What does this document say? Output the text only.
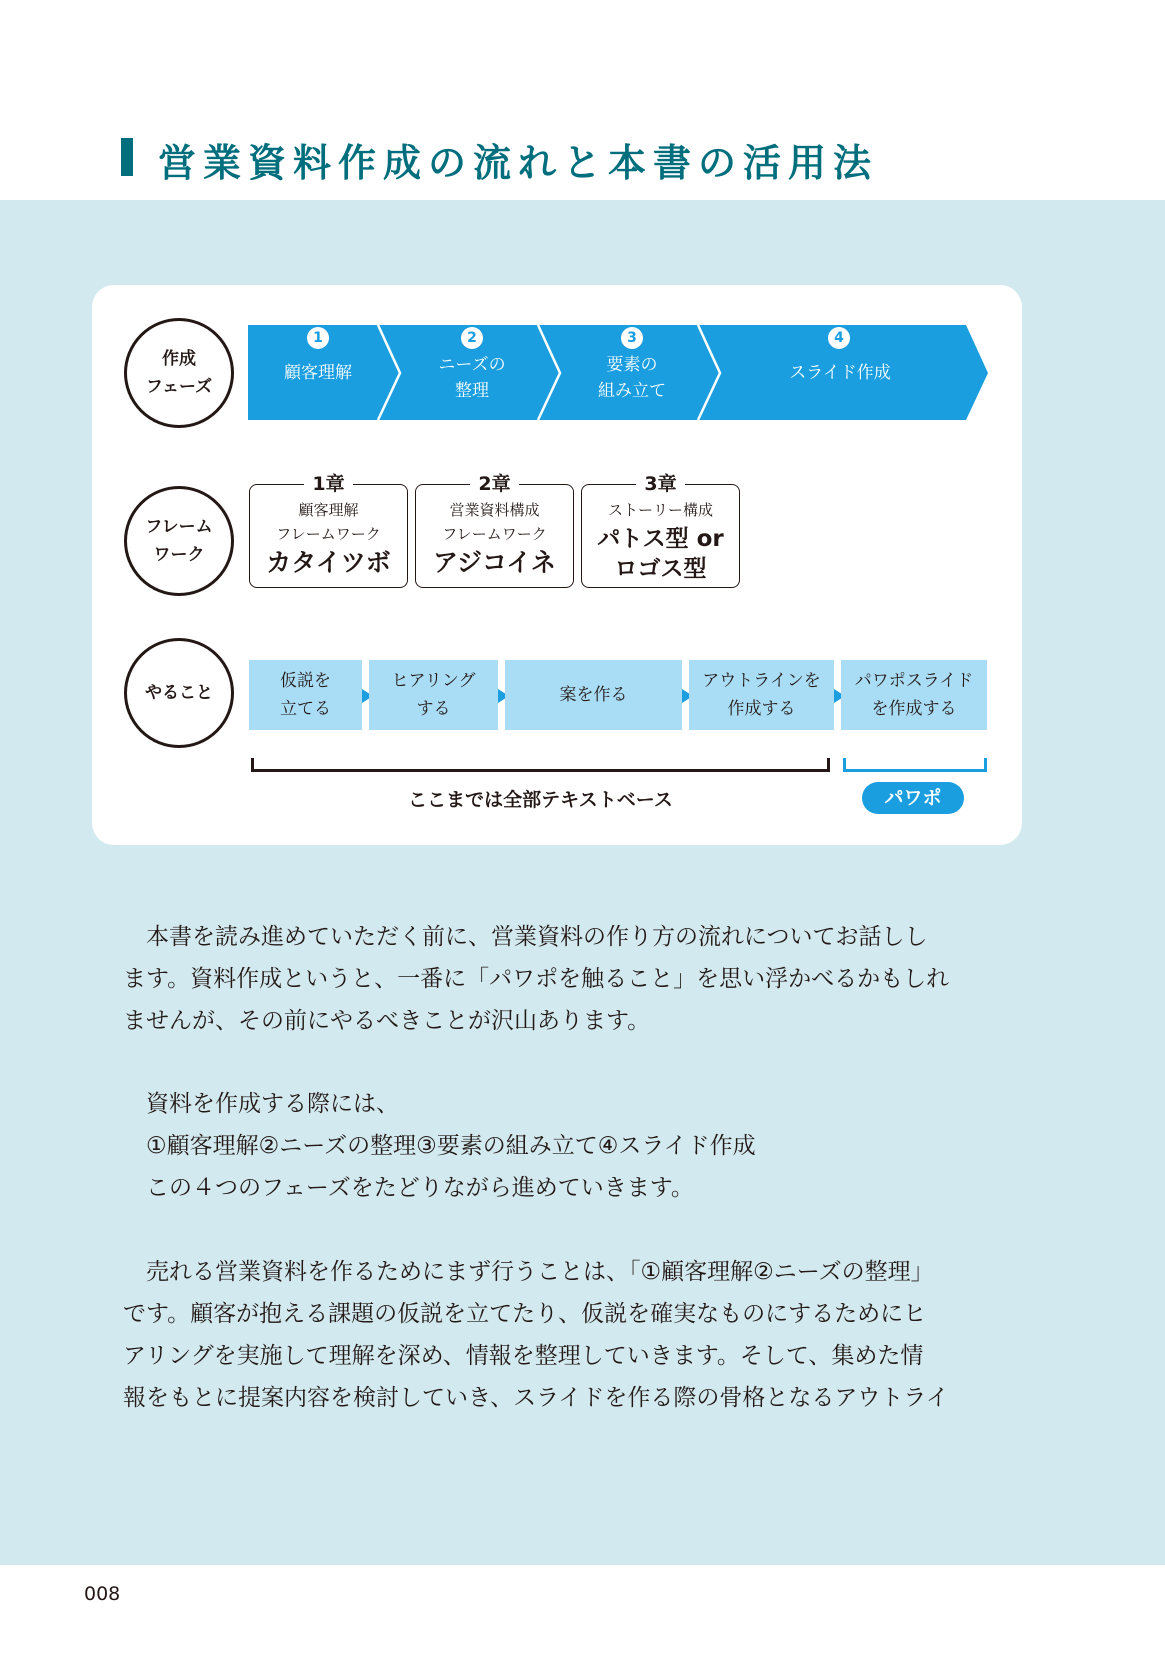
営業資料作成の流れと本書の活用法
作成
フェーズ
フレーム
ワーク
やること
1
顧客理解
2
ニーズの
整理
3
要素の
組み立て
4
スライド作成
1章
顧客理解
フレームワーク
カタイツボ
2章
営業資料構成
フレームワーク
アジコイネ
3章
ストーリー構成
パトス型 or
ロゴス型
仮説を
立てる
ヒアリング
する
案を作る
アウトラインを
作成する
パワポスライド
を作成する
ここまでは全部テキストベース	パワポ
　本書を読み進めていただく前に、営業資料の作り方の流れについてお話しし
ます。資料作成というと、一番に「パワポを触ること」を思い浮かべるかもしれ
ませんが、その前にやるべきことが沢山あります。
　資料を作成する際には、
　①顧客理解②ニーズの整理③要素の組み立て④スライド作成
　この４つのフェーズをたどりながら進めていきます。
　売れる営業資料を作るためにまず行うことは、「①顧客理解②ニーズの整理」
です。顧客が抱える課題の仮説を立てたり、仮説を確実なものにするためにヒ
アリングを実施して理解を深め、情報を整理していきます。そして、集めた情
報をもとに提案内容を検討していき、スライドを作る際の骨格となるアウトライ
008
